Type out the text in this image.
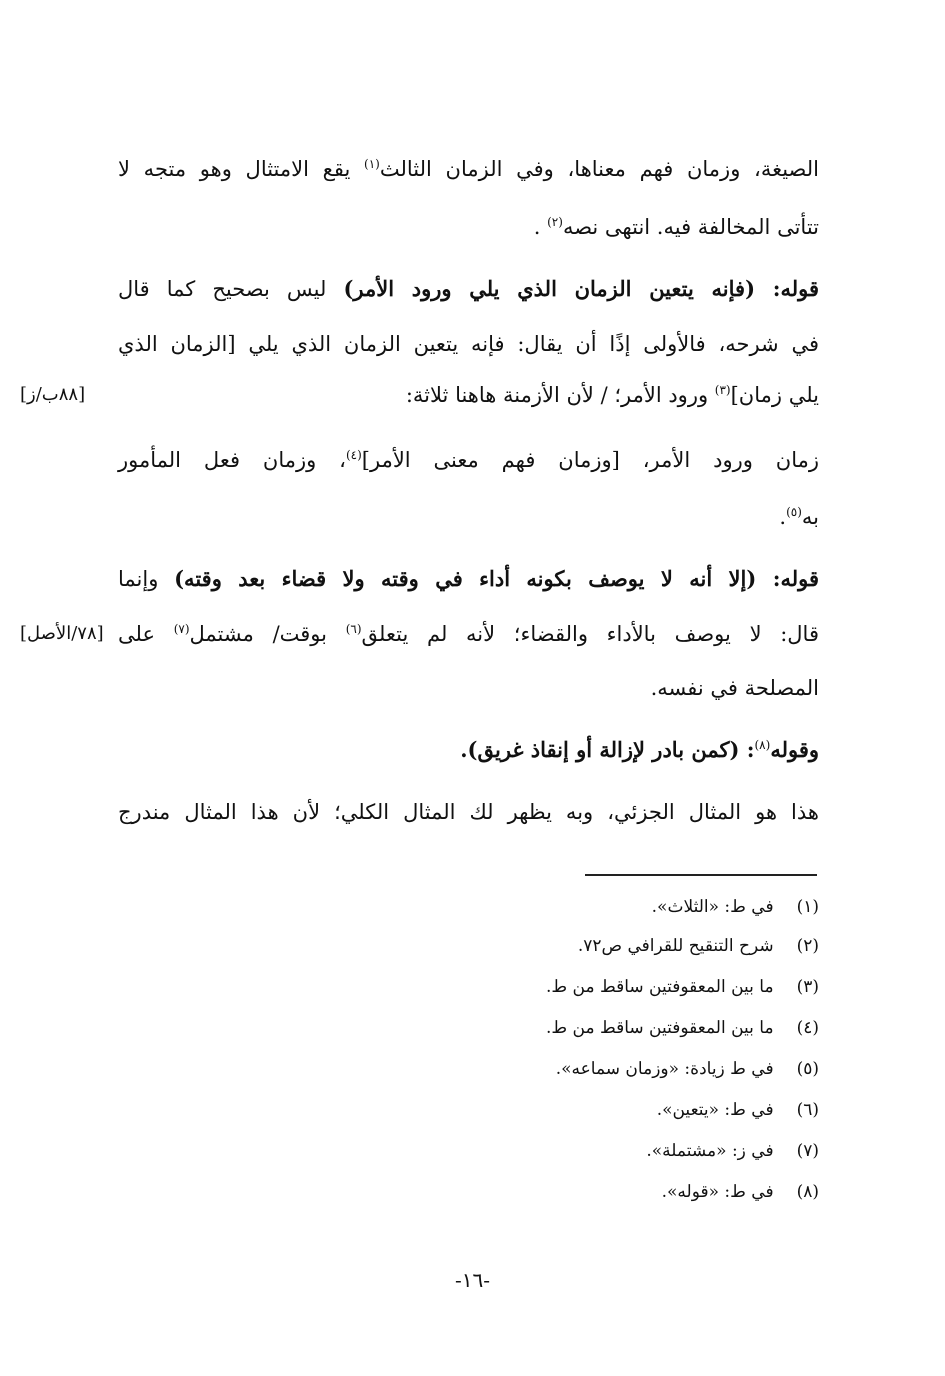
الصيغة، وزمان فهم معناها، وفي الزمان الثالث$^{(١)}$ يقع الامتثال وهو متجه لا
تتأتى المخالفة فيه. انتهى نصه$^{(٢)}$ .
قوله: (فإنه يتعين الزمان الذي يلي ورود الأمر) ليس بصحيح كما قال
في شرحه، فالأولى إذًا أن يقال: فإنه يتعين الزمان الذي يلي [الزمان الذي
يلي زمان]$^{(٣)}$ ورود الأمر؛ / لأن الأزمنة هاهنا ثلاثة:
[٨٨ب/ز]
زمان ورود الأمر، [وزمان فهم معنى الأمر]$^{(٤)}$، وزمان فعل المأمور
به$^{(٥)}$.
قوله: (إلا أنه لا يوصف بكونه أداء في وقته ولا قضاء بعد وقته) وإنما
قال: لا يوصف بالأداء والقضاء؛ لأنه لم يتعلق$^{(٦)}$ بوقت/ مشتمل$^{(٧)}$ على
[٧٨/الأصل]
المصلحة في نفسه.
وقوله$^{(٨)}$: (كمن بادر لإزالة أو إنقاذ غريق).
هذا هو المثال الجزئي، وبه يظهر لك المثال الكلي؛ لأن هذا المثال مندرج
(١) في ط: «الثلاث».
(٢) شرح التنقيح للقرافي ص٧٢.
(٣) ما بين المعقوفتين ساقط من ط.
(٤) ما بين المعقوفتين ساقط من ط.
(٥) في ط زيادة: «وزمان سماعه».
(٦) في ط: «يتعين».
(٧) في ز: «مشتملة».
(٨) في ط: «قوله».
-١٦-
